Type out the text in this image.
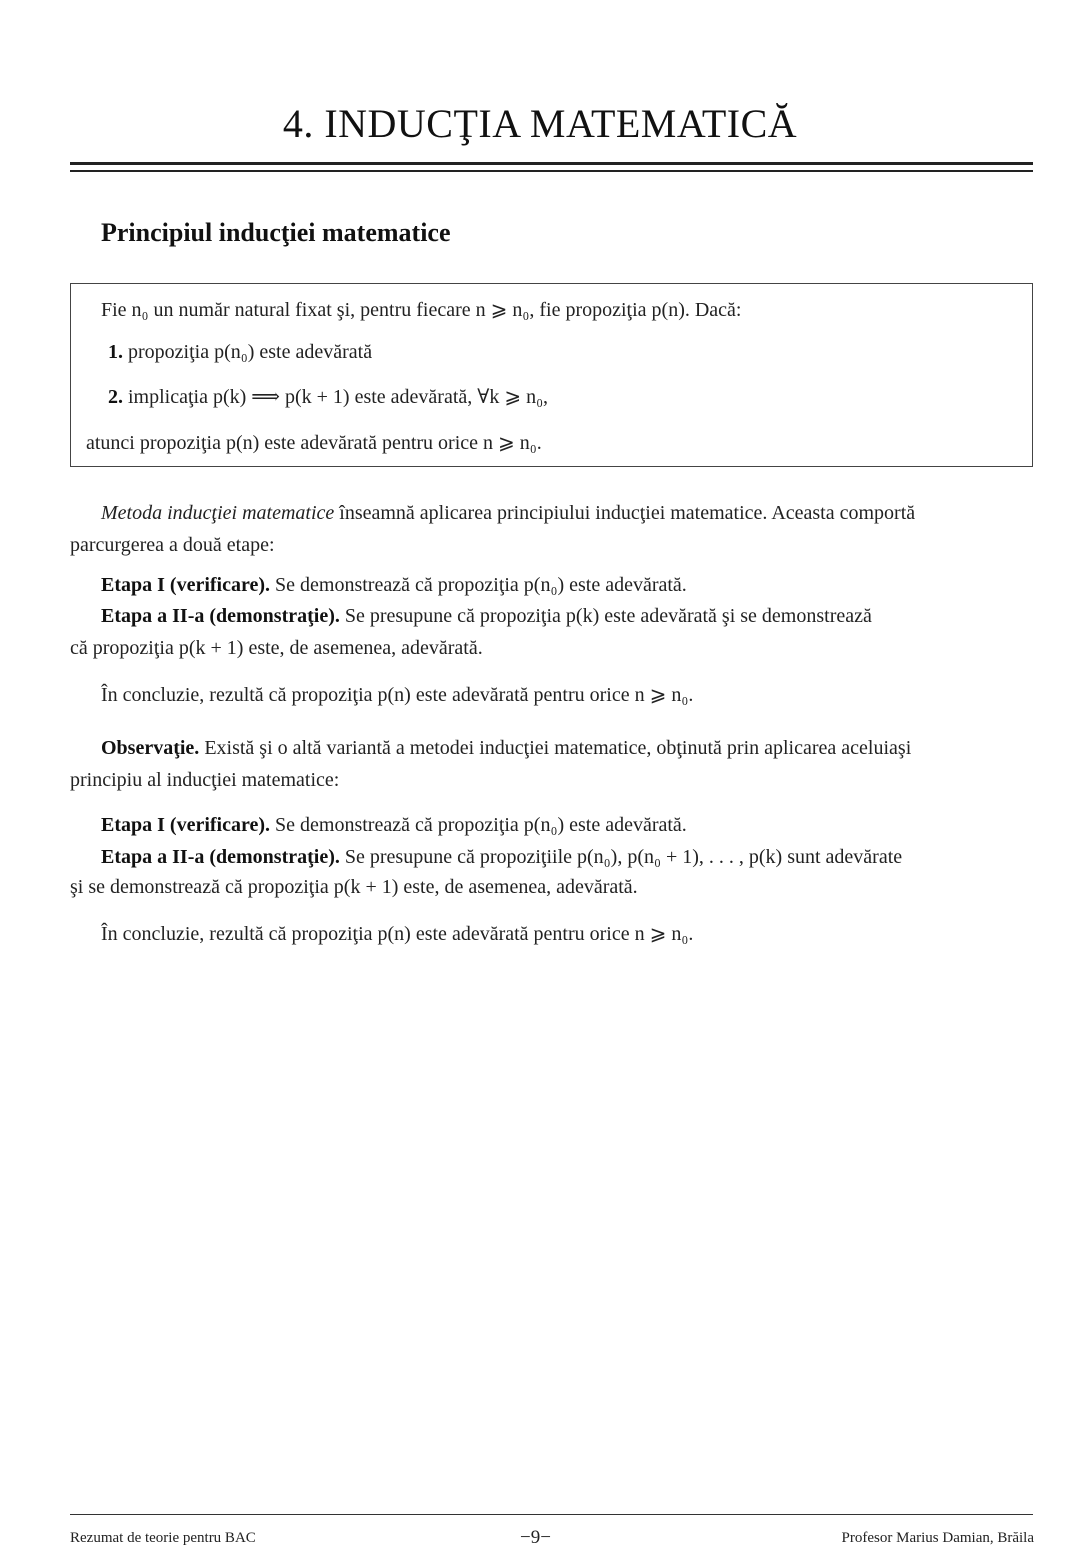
4. INDUCŢIA MATEMATICĂ
Principiul inducţiei matematice
Fie n₀ un număr natural fixat şi, pentru fiecare n ⩾ n₀, fie propoziţia p(n). Dacă:
1. propoziţia p(n₀) este adevărată
2. implicaţia p(k) ⟹ p(k + 1) este adevărată, ∀k ⩾ n₀,
atunci propoziţia p(n) este adevărată pentru orice n ⩾ n₀.
Metoda inducţiei matematice înseamnă aplicarea principiului inducţiei matematice. Aceasta comportă
parcurgerea a două etape:
Etapa I (verificare). Se demonstrează că propoziţia p(n₀) este adevărată.
Etapa a II-a (demonstraţie). Se presupune că propoziţia p(k) este adevărată şi se demonstrează
că propoziţia p(k + 1) este, de asemenea, adevărată.
În concluzie, rezultă că propoziţia p(n) este adevărată pentru orice n ⩾ n₀.
Observaţie. Există şi o altă variantă a metodei inducţiei matematice, obţinută prin aplicarea aceluiaşi
principiu al inducţiei matematice:
Etapa I (verificare). Se demonstrează că propoziţia p(n₀) este adevărată.
Etapa a II-a (demonstraţie). Se presupune că propoziţiile p(n₀), p(n₀ + 1), . . . , p(k) sunt adevărate
şi se demonstrează că propoziţia p(k + 1) este, de asemenea, adevărată.
În concluzie, rezultă că propoziţia p(n) este adevărată pentru orice n ⩾ n₀.
Rezumat de teorie pentru BAC	−9−	Profesor Marius Damian, Brăila
